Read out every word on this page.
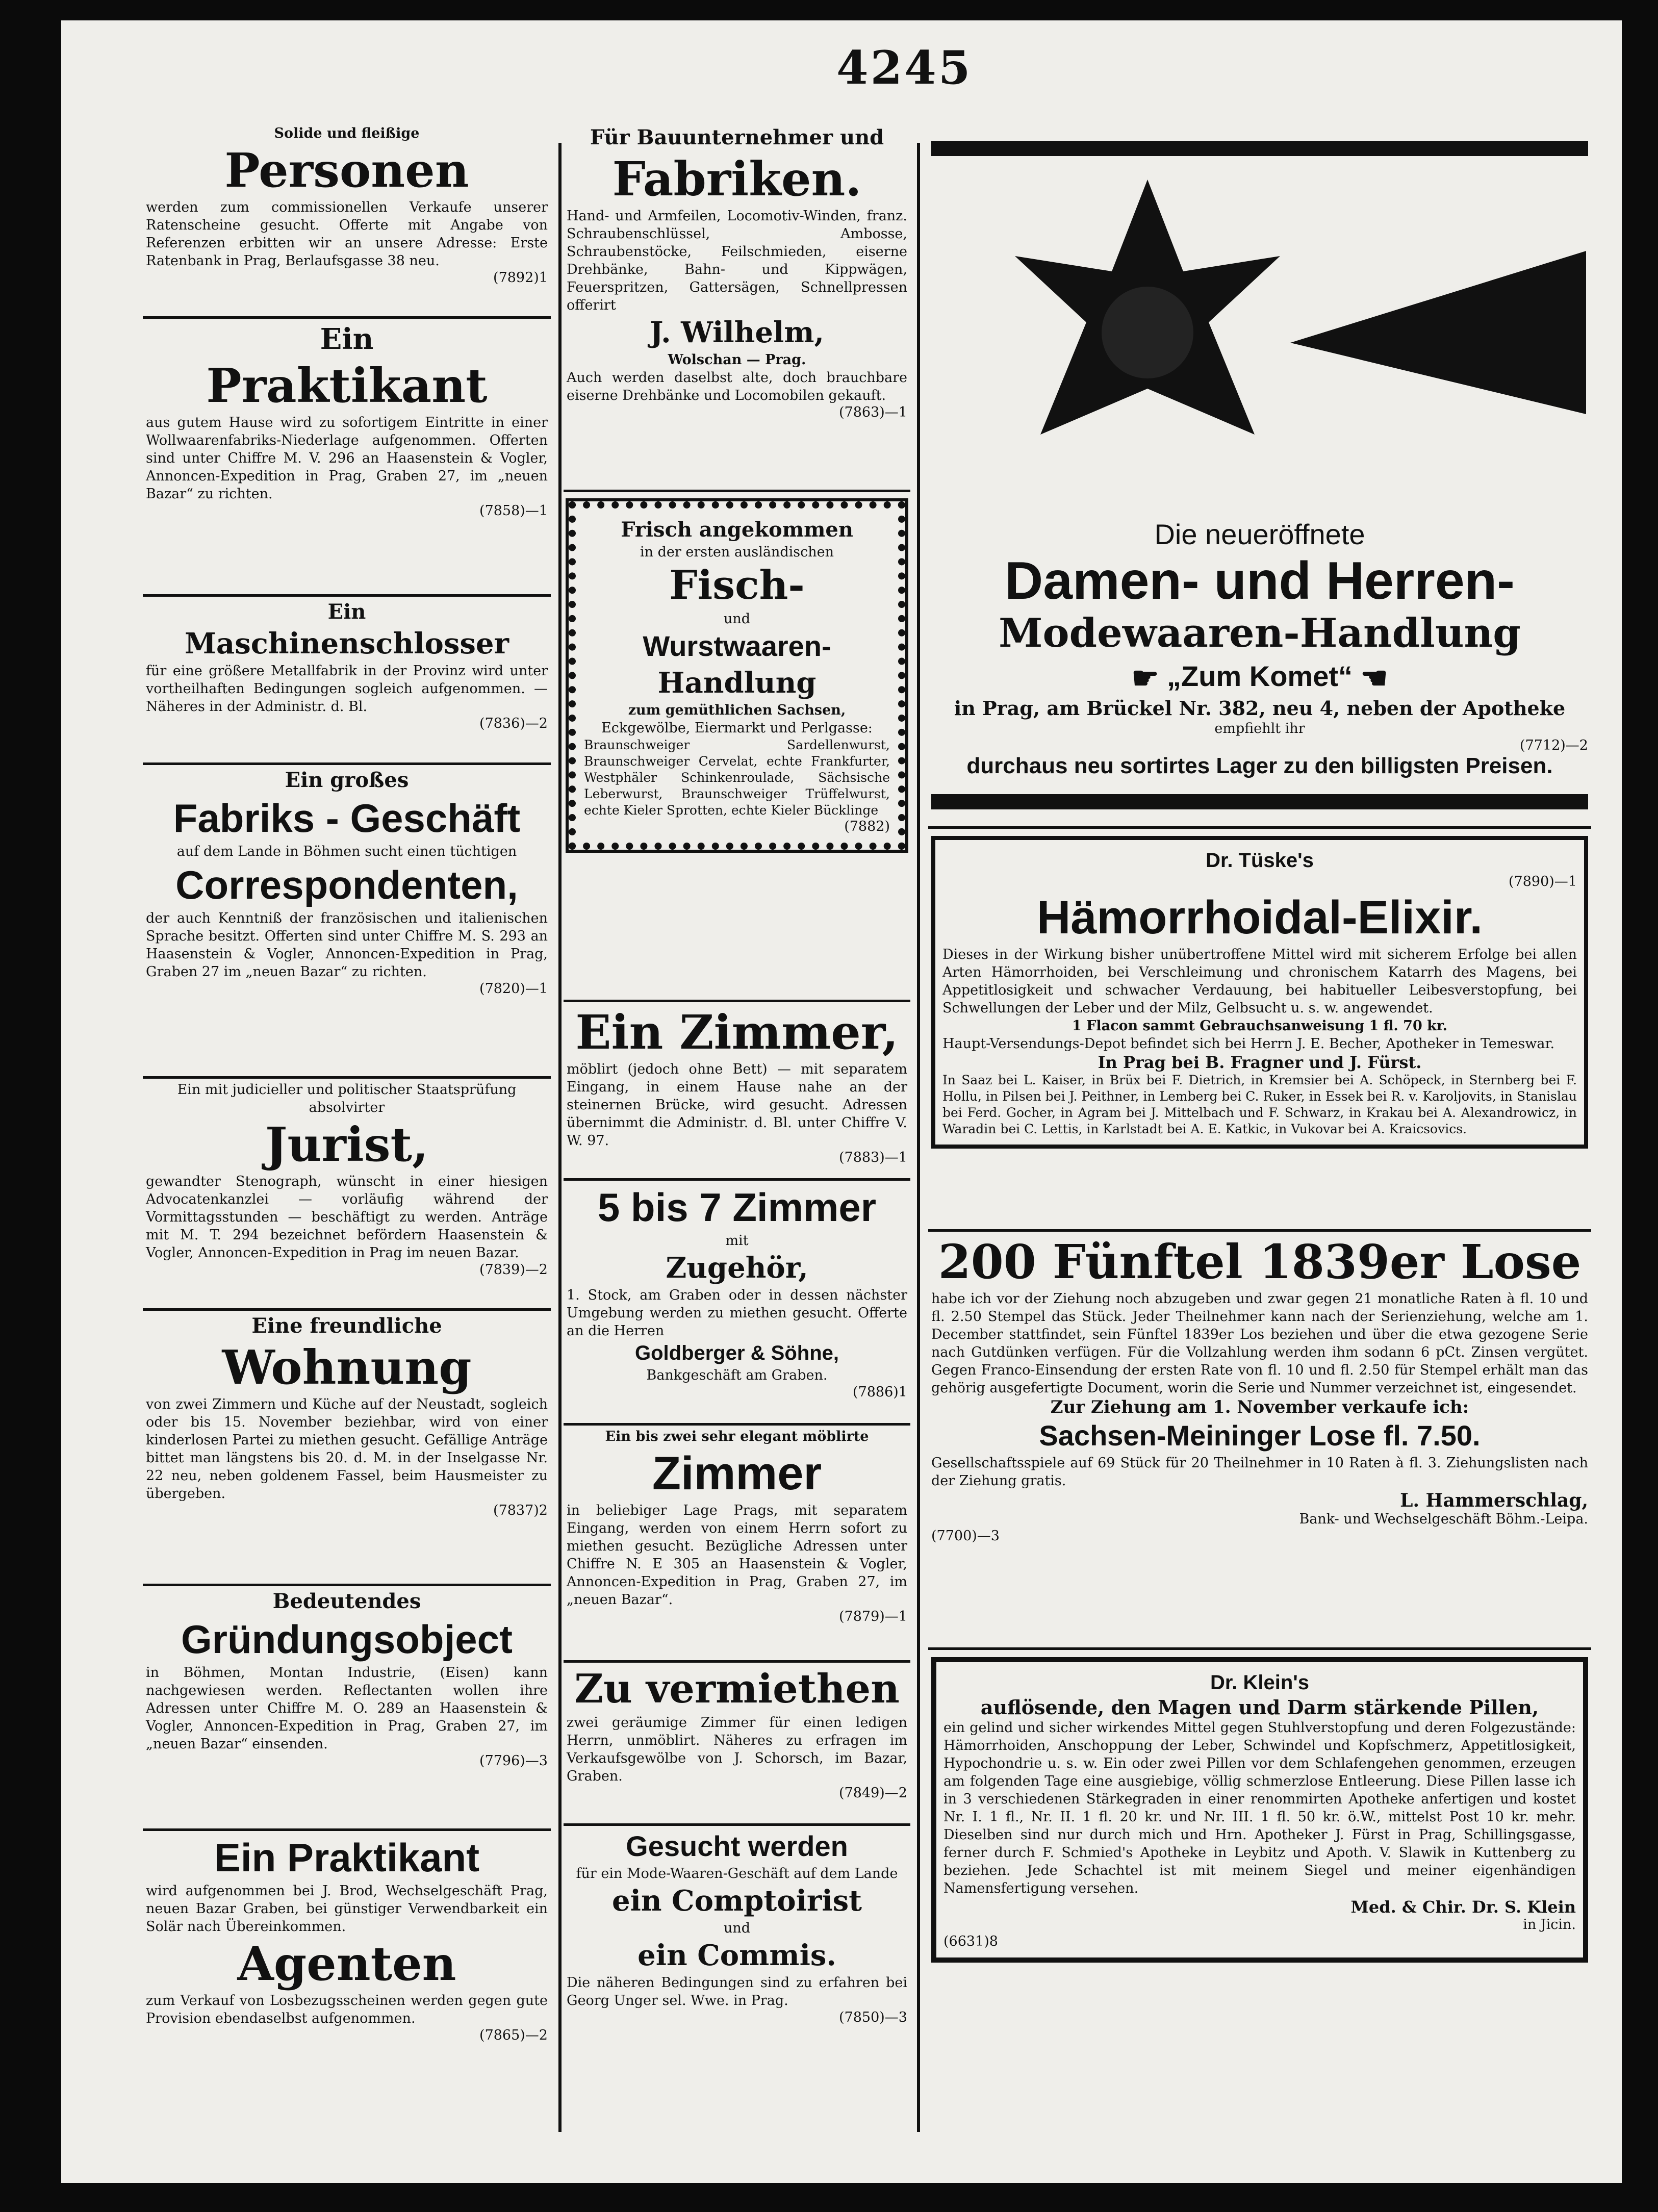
4245
Solide und fleißige
Personen
werden zum commissionellen Verkaufe unserer Ratenscheine gesucht. Offerte mit Angabe von Referenzen erbitten wir an unsere Adresse: Erste Ratenbank in Prag, Berlaufsgasse 38 neu.
(7892)1
Ein
Praktikant
aus gutem Hause wird zu sofortigem Eintritte in einer Wollwaarenfabriks-Niederlage aufgenommen. Offerten sind unter Chiffre M. V. 296 an Haasenstein & Vogler, Annoncen-Expedition in Prag, Graben 27, im „neuen Bazar“ zu richten.
(7858)—1
Ein
Maschinenschlosser
für eine größere Metallfabrik in der Provinz wird unter vortheilhaften Bedingungen sogleich aufgenommen. — Näheres in der Administr. d. Bl.
(7836)—2
Ein großes
Fabriks - Geschäft
auf dem Lande in Böhmen sucht einen tüchtigen
Correspondenten,
der auch Kenntniß der französischen und italienischen Sprache besitzt. Offerten sind unter Chiffre M. S. 293 an Haasenstein & Vogler, Annoncen-Expedition in Prag, Graben 27 im „neuen Bazar“ zu richten.
(7820)—1
Ein mit judicieller und politischer Staatsprüfung absolvirter
Jurist,
gewandter Stenograph, wünscht in einer hiesigen Advocatenkanzlei — vorläufig während der Vormittagsstunden — beschäftigt zu werden. Anträge mit M. T. 294 bezeichnet befördern Haasenstein & Vogler, Annoncen-Expedition in Prag im neuen Bazar.
(7839)—2
Eine freundliche
Wohnung
von zwei Zimmern und Küche auf der Neustadt, sogleich oder bis 15. November beziehbar, wird von einer kinderlosen Partei zu miethen gesucht. Gefällige Anträge bittet man längstens bis 20. d. M. in der Inselgasse Nr. 22 neu, neben goldenem Fassel, beim Hausmeister zu übergeben.
(7837)2
Bedeutendes
Gründungsobject
in Böhmen, Montan Industrie, (Eisen) kann nachgewiesen werden. Reflectanten wollen ihre Adressen unter Chiffre M. O. 289 an Haasenstein & Vogler, Annoncen-Expedition in Prag, Graben 27, im „neuen Bazar“ einsenden.
(7796)—3
Ein Praktikant
wird aufgenommen bei J. Brod, Wechselgeschäft Prag, neuen Bazar Graben, bei günstiger Verwendbarkeit ein Solär nach Übereinkommen.
Agenten
zum Verkauf von Losbezugsscheinen werden gegen gute Provision ebendaselbst aufgenommen.
(7865)—2
Für Bauunternehmer und
Fabriken.
Hand- und Armfeilen, Locomotiv-Winden, franz. Schraubenschlüssel, Ambosse, Schraubenstöcke, Feilschmieden, eiserne Drehbänke, Bahn- und Kippwägen, Feuerspritzen, Gattersägen, Schnellpressen offerirt
J. Wilhelm,
Wolschan — Prag.
Auch werden daselbst alte, doch brauchbare eiserne Drehbänke und Locomobilen gekauft.
(7863)—1
Frisch angekommen
in der ersten ausländischen
Fisch-
und
Wurstwaaren-
Handlung
zum gemüthlichen Sachsen,
Eckgewölbe, Eiermarkt und Perlgasse:
Braunschweiger Sardellenwurst, Braunschweiger Cervelat, echte Frankfurter, Westphäler Schinkenroulade, Sächsische Leberwurst, Braunschweiger Trüffelwurst, echte Kieler Sprotten, echte Kieler Bücklinge
(7882)
Ein Zimmer,
möblirt (jedoch ohne Bett) — mit separatem Eingang, in einem Hause nahe an der steinernen Brücke, wird gesucht. Adressen übernimmt die Administr. d. Bl. unter Chiffre V. W. 97.
(7883)—1
5 bis 7 Zimmer
mit
Zugehör,
1. Stock, am Graben oder in dessen nächster Umgebung werden zu miethen gesucht. Offerte an die Herren
Goldberger & Söhne,
Bankgeschäft am Graben.
(7886)1
Ein bis zwei sehr elegant möblirte
Zimmer
in beliebiger Lage Prags, mit separatem Eingang, werden von einem Herrn sofort zu miethen gesucht. Bezügliche Adressen unter Chiffre N. E 305 an Haasenstein & Vogler, Annoncen-Expedition in Prag, Graben 27, im „neuen Bazar“.
(7879)—1
Zu vermiethen
zwei geräumige Zimmer für einen ledigen Herrn, unmöblirt. Näheres zu erfragen im Verkaufsgewölbe von J. Schorsch, im Bazar, Graben.
(7849)—2
Gesucht werden
für ein Mode-Waaren-Geschäft auf dem Lande
ein Comptoirist
und
ein Commis.
Die näheren Bedingungen sind zu erfahren bei Georg Unger sel. Wwe. in Prag.
(7850)—3
Die neueröffnete
Damen- und Herren-
Modewaaren-Handlung
☛ „Zum Komet“ ☚
in Prag, am Brückel Nr. 382, neu 4, neben der Apotheke
empfiehlt ihr
(7712)—2
durchaus neu sortirtes Lager zu den billigsten Preisen.
Dr. Tüske's
(7890)—1
Hämorrhoidal-Elixir.
Dieses in der Wirkung bisher unübertroffene Mittel wird mit sicherem Erfolge bei allen Arten Hämorrhoiden, bei Verschleimung und chronischem Katarrh des Magens, bei Appetitlosigkeit und schwacher Verdauung, bei habitueller Leibesverstopfung, bei Schwellungen der Leber und der Milz, Gelbsucht u. s. w. angewendet.
1 Flacon sammt Gebrauchsanweisung 1 fl. 70 kr.
Haupt-Versendungs-Depot befindet sich bei Herrn J. E. Becher, Apotheker in Temeswar.
In Prag bei B. Fragner und J. Fürst.
In Saaz bei L. Kaiser, in Brüx bei F. Dietrich, in Kremsier bei A. Schöpeck, in Sternberg bei F. Hollu, in Pilsen bei J. Peithner, in Lemberg bei C. Ruker, in Essek bei R. v. Karoljovits, in Stanislau bei Ferd. Gocher, in Agram bei J. Mittelbach und F. Schwarz, in Krakau bei A. Alexandrowicz, in Waradin bei C. Lettis, in Karlstadt bei A. E. Katkic, in Vukovar bei A. Kraicsovics.
200 Fünftel 1839er Lose
habe ich vor der Ziehung noch abzugeben und zwar gegen 21 monatliche Raten à fl. 10 und fl. 2.50 Stempel das Stück. Jeder Theilnehmer kann nach der Serienziehung, welche am 1. December stattfindet, sein Fünftel 1839er Los beziehen und über die etwa gezogene Serie nach Gutdünken verfügen. Für die Vollzahlung werden ihm sodann 6 pCt. Zinsen vergütet. Gegen Franco-Einsendung der ersten Rate von fl. 10 und fl. 2.50 für Stempel erhält man das gehörig ausgefertigte Document, worin die Serie und Nummer verzeichnet ist, eingesendet.
Zur Ziehung am 1. November verkaufe ich:
Sachsen-Meininger Lose fl. 7.50.
Gesellschaftsspiele auf 69 Stück für 20 Theilnehmer in 10 Raten à fl. 3. Ziehungslisten nach der Ziehung gratis.
L. Hammerschlag,
Bank- und Wechselgeschäft Böhm.-Leipa.
(7700)—3
Dr. Klein's
auflösende, den Magen und Darm stärkende Pillen,
ein gelind und sicher wirkendes Mittel gegen Stuhlverstopfung und deren Folgezustände: Hämorrhoiden, Anschoppung der Leber, Schwindel und Kopfschmerz, Appetitlosigkeit, Hypochondrie u. s. w. Ein oder zwei Pillen vor dem Schlafengehen genommen, erzeugen am folgenden Tage eine ausgiebige, völlig schmerzlose Entleerung. Diese Pillen lasse ich in 3 verschiedenen Stärkegraden in einer renommirten Apotheke anfertigen und kostet Nr. I. 1 fl., Nr. II. 1 fl. 20 kr. und Nr. III. 1 fl. 50 kr. ö.W., mittelst Post 10 kr. mehr. Dieselben sind nur durch mich und Hrn. Apotheker J. Fürst in Prag, Schillingsgasse, ferner durch F. Schmied's Apotheke in Leybitz und Apoth. V. Slawik in Kuttenberg zu beziehen. Jede Schachtel ist mit meinem Siegel und meiner eigenhändigen Namensfertigung versehen.
Med. & Chir. Dr. S. Klein
in Jicin.
(6631)8
